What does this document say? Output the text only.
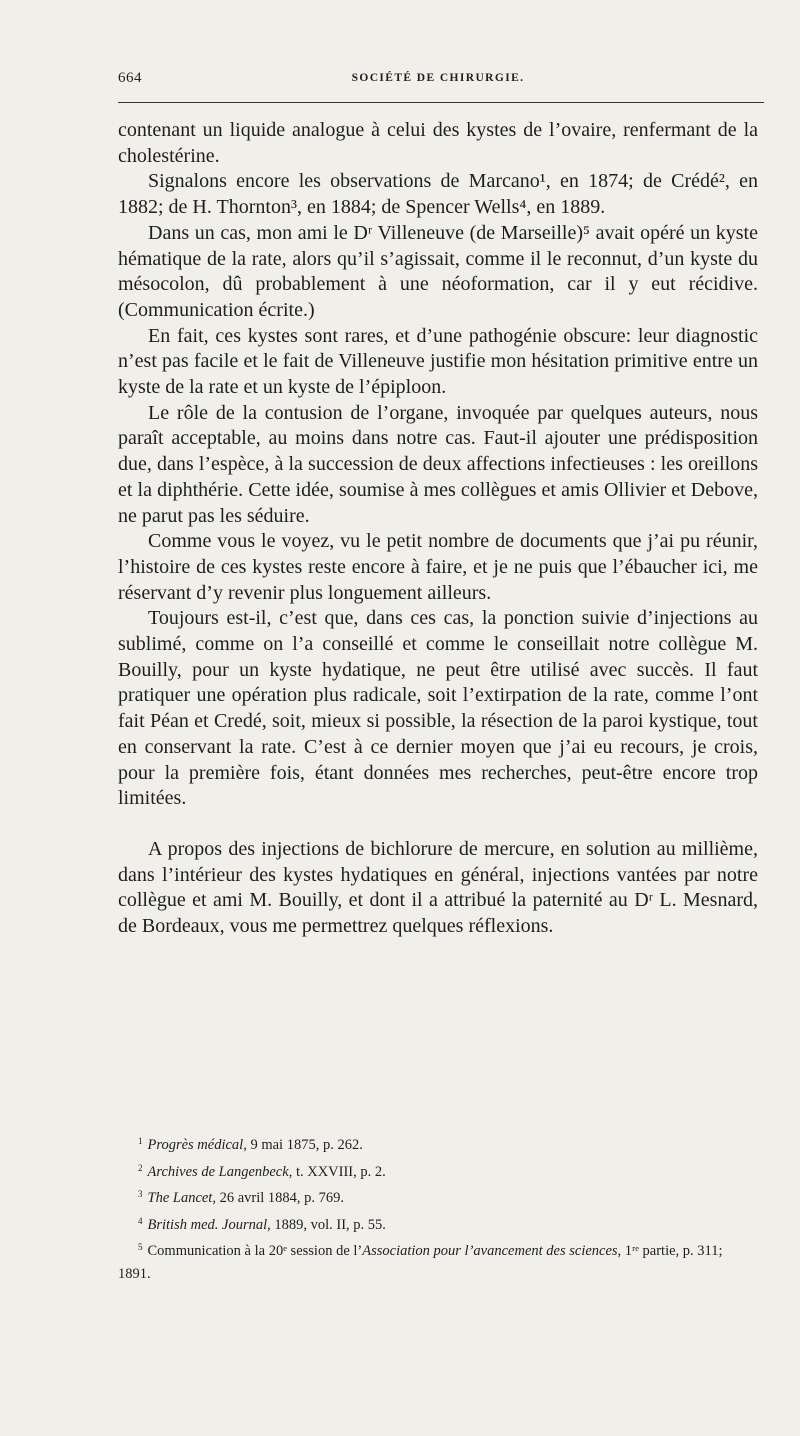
664	SOCIÉTÉ DE CHIRURGIE.

contenant un liquide analogue à celui des kystes de l’ovaire, renfermant de la cholestérine.

Signalons encore les observations de Marcano¹, en 1874; de Crédé², en 1882; de H. Thornton³, en 1884; de Spencer Wells⁴, en 1889.

Dans un cas, mon ami le Dʳ Villeneuve (de Marseille)⁵ avait opéré un kyste hématique de la rate, alors qu’il s’agissait, comme il le reconnut, d’un kyste du mésocolon, dû probablement à une néoformation, car il y eut récidive. (Communication écrite.)

En fait, ces kystes sont rares, et d’une pathogénie obscure: leur diagnostic n’est pas facile et le fait de Villeneuve justifie mon hésitation primitive entre un kyste de la rate et un kyste de l’épiploon.

Le rôle de la contusion de l’organe, invoquée par quelques auteurs, nous paraît acceptable, au moins dans notre cas. Faut-il ajouter une prédisposition due, dans l’espèce, à la succession de deux affections infectieuses : les oreillons et la diphthérie. Cette idée, soumise à mes collègues et amis Ollivier et Debove, ne parut pas les séduire.

Comme vous le voyez, vu le petit nombre de documents que j’ai pu réunir, l’histoire de ces kystes reste encore à faire, et je ne puis que l’ébaucher ici, me réservant d’y revenir plus longuement ailleurs.

Toujours est-il, c’est que, dans ces cas, la ponction suivie d’injections au sublimé, comme on l’a conseillé et comme le conseillait notre collègue M. Bouilly, pour un kyste hydatique, ne peut être utilisé avec succès. Il faut pratiquer une opération plus radicale, soit l’extirpation de la rate, comme l’ont fait Péan et Credé, soit, mieux si possible, la résection de la paroi kystique, tout en conservant la rate. C’est à ce dernier moyen que j’ai eu recours, je crois, pour la première fois, étant données mes recherches, peut-être encore trop limitées.

A propos des injections de bichlorure de mercure, en solution au millième, dans l’intérieur des kystes hydatiques en général, injections vantées par notre collègue et ami M. Bouilly, et dont il a attribué la paternité au Dʳ L. Mesnard, de Bordeaux, vous me permettrez quelques réflexions.

$^1$ Progrès médical, 9 mai 1875, p. 262.

$^2$ Archives de Langenbeck, t. XXVIII, p. 2.

$^3$ The Lancet, 26 avril 1884, p. 769.

$^4$ British med. Journal, 1889, vol. II, p. 55.

$^5$ Communication à la 20ᵉ session de l’Association pour l’avancement des sciences, 1ʳᵉ partie, p. 311; 1891.
